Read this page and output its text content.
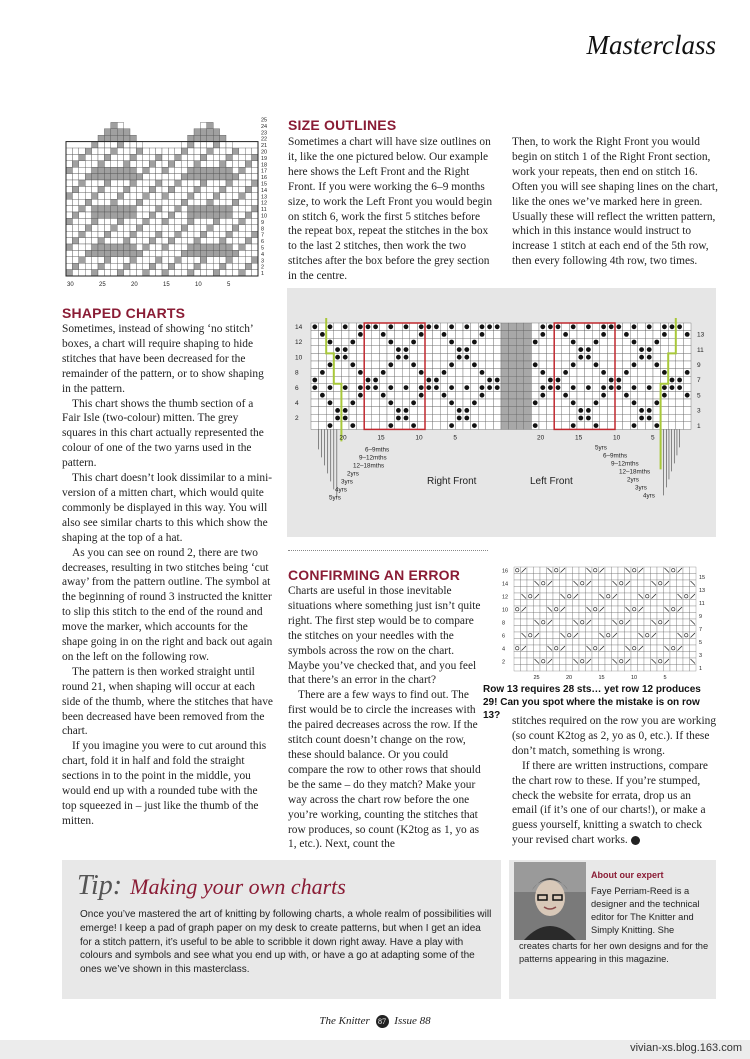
Masterclass
25
24
23
22
21
20
19
18
17
16
15
14
13
12
11
10
9
8
7
6
5
4
3
2
1
30	25	20	15	10	5
SIZE OUTLINES

Sometimes a chart will have size outlines on it, like the one pictured below. Our example here shows the Left Front and the Right Front. If you were working the 6–9 months size, to work the Left Front you would begin on stitch 6, work the first 5 stitches before the repeat box, repeat the stitches in the box to the last 2 stitches, then work the two stitches after the box before the grey section in the centre.

Then, to work the Right Front you would begin on stitch 1 of the Right Front section, work your repeats, then end on stitch 16. Often you will see shaping lines on the chart, like the ones we’ve marked here in green. Usually these will reflect the written pattern, which in this instance would instruct to increase 1 stitch at each end of the 5th row, then every following 4th row, two times.

14
12
10
8
6
4
2
13
11
9
7
5
3
1
20	15	10	5	20	15	10	5
Right Front	Left Front
6–9mths
9–12mths
12–18mths
2yrs
3yrs
4yrs
5yrs
5yrs
6–9mths
9–12mths
12–18mths
2yrs
3yrs
4yrs
SHAPED CHARTS

Sometimes, instead of showing ‘no stitch’ boxes, a chart will require shaping to hide stitches that have been decreased for the remainder of the pattern, or to show shaping in the pattern.

This chart shows the thumb section of a Fair Isle (two-colour) mitten. The grey squares in this chart actually represented the colour of one of the two yarns used in the pattern.

This chart doesn’t look dissimilar to a mini-version of a mitten chart, which would quite commonly be displayed in this way. You will also see similar charts to this which show the shaping at the top of a hat.

As you can see on round 2, there are two decreases, resulting in two stitches being ‘cut away’ from the pattern outline. The symbol at the beginning of round 3 instructed the knitter to slip this stitch to the end of the round and move the marker, which accounts for the shape going in on the right and back out again on the left on the following row.

The pattern is then worked straight until round 21, when shaping will occur at each side of the thumb, where the stitches that have been decreased have been removed from the chart.

If you imagine you were to cut around this chart, fold it in half and fold the straight sections in to the point in the middle, you would end up with a rounded tube with the top squeezed in – just like the thumb of the mitten.

CONFIRMING AN ERROR

Charts are useful in those inevitable situations where something just isn’t quite right. The first step would be to compare the stitches on your needles with the symbols across the row on the chart. Maybe you’ve checked that, and you feel that there’s an error in the chart?

There are a few ways to find out. The first would be to circle the increases with the paired decreases across the row. If the stitch count doesn’t change on the row, these should balance. Or you could compare the row to other rows that should be the same – do they match? Make your way across the chart row before the one you’re working, counting the stitches that row produces, so count (K2tog as 1, yo as 1, etc.). Next, count the

16
14
12
10
8
6
4
2
15
13
11
9
7
5
3
1
25	20	15	10	5
Row 13 requires 28 sts… yet row 12 produces 29! Can you spot where the mistake is on row 13?	stitches required on the row you are working (so count K2tog as 2, yo as 0, etc.). If these don’t match, something is wrong.

If there are written instructions, compare the chart row to these. If you’re stumped, check the website for errata, drop us an email (if it’s one of our charts!), or make a guess yourself, knitting a swatch to check your revised chart works.

Tip: Making your own charts
Once you’ve mastered the art of knitting by following charts, a whole realm of possibilities will emerge! I keep a pad of graph paper on my desk to create patterns, but when I get an idea for a stitch pattern, it’s useful to be able to scribble it down right away. Have a play with colours and symbols and see what you end up with, or have a go at adapting some of the ones we’ve shown in this masterclass.
About our expert
Faye Perriam-Reed is a designer and the technical editor for The Knitter and Simply Knitting. She
creates charts for her own designs and for the patterns appearing in this magazine.
The Knitter 87 Issue 88
vivian-xs.blog.163.com
